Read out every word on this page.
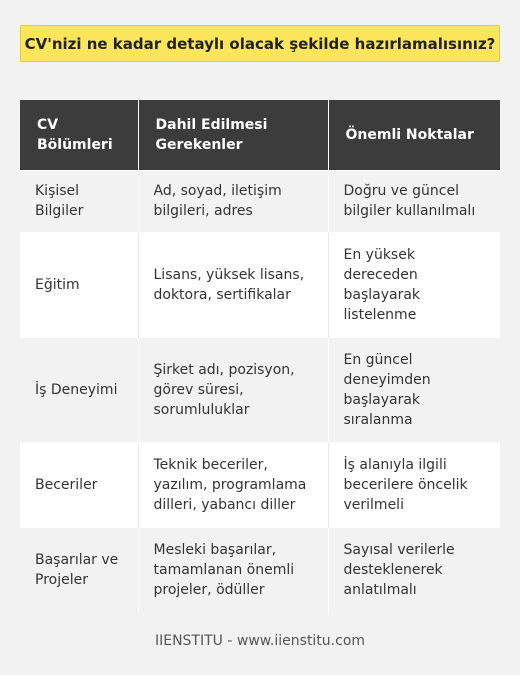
CV'nizi ne kadar detaylı olacak şekilde hazırlamalısınız?
CV Bölümleri	Dahil Edilmesi Gerekenler	Önemli Noktalar
Kişisel Bilgiler	Ad, soyad, iletişim bilgileri, adres	Doğru ve güncel bilgiler kullanılmalı
Eğitim	Lisans, yüksek lisans, doktora, sertifikalar	En yüksek dereceden başlayarak listelenme
İş Deneyimi	Şirket adı, pozisyon, görev süresi, sorumluluklar	En güncel deneyimden başlayarak sıralanma
Beceriler	Teknik beceriler, yazılım, programlama dilleri, yabancı diller	İş alanıyla ilgili becerilere öncelik verilmeli
Başarılar ve Projeler	Mesleki başarılar, tamamlanan önemli projeler, ödüller	Sayısal verilerle desteklenerek anlatılmalı
IIENSTITU - www.iienstitu.com
